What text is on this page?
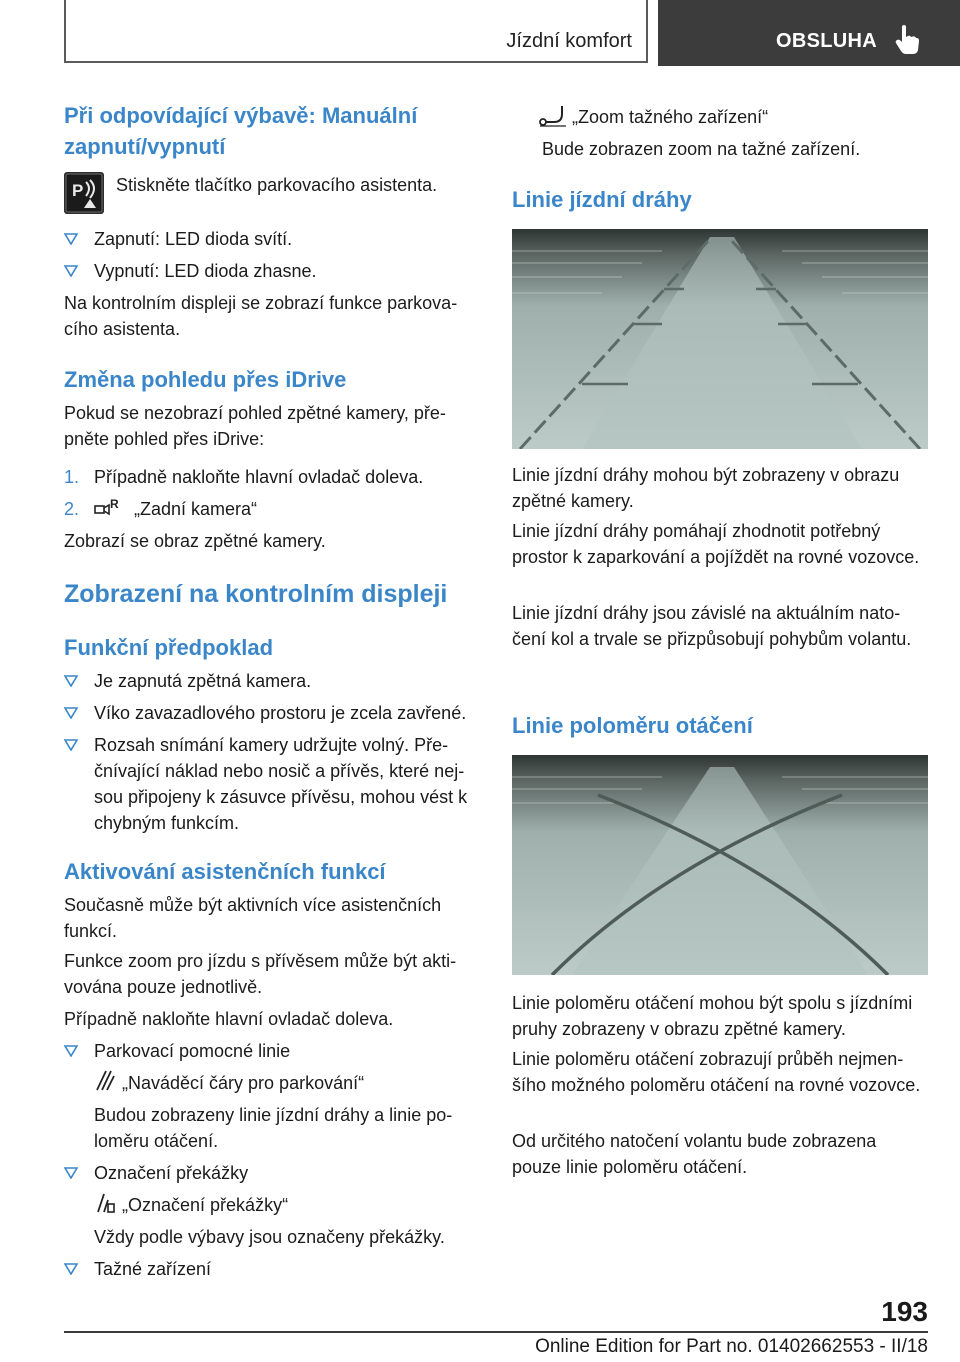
Jízdní komfort	OBSLUHA
Při odpovídající výbavě: Manuální zapnutí/vypnutí
P Stiskněte tlačítko parkovacího asistenta.

Zapnutí: LED dioda svítí.
Vypnutí: LED dioda zhasne.

Na kontrolním displeji se zobrazí funkce parkovacího asistenta.

Změna pohledu přes iDrive

Pokud se nezobrazí pohled zpětné kamery, přepněte pohled přes iDrive:

1. Případně nakloňte hlavní ovladač doleva.
2.	R „Zadní kamera“

Zobrazí se obraz zpětné kamery.

Zobrazení na kontrolním displeji
Funkční předpoklad
Je zapnutá zpětná kamera.
Víko zavazadlového prostoru je zcela zavřené.
Rozsah snímání kamery udržujte volný. Přečnívající náklad nebo nosič a přívěs, které nejsou připojeny k zásuvce přívěsu, mohou vést k chybným funkcím.
Aktivování asistenčních funkcí

Současně může být aktivních více asistenčních funkcí.

Funkce zoom pro jízdu s přívěsem může být aktivována pouze jednotlivě.

Případně nakloňte hlavní ovladač doleva.

Parkovací pomocné linie

„Naváděcí čáry pro parkování“

Budou zobrazeny linie jízdní dráhy a linie poloměru otáčení.

Označení překážky

„Označení překážky“

Vždy podle výbavy jsou označeny překážky.

Tažné zařízení

„Zoom tažného zařízení“

Bude zobrazen zoom na tažné zařízení.

Linie jízdní dráhy

Linie jízdní dráhy mohou být zobrazeny v obrazu zpětné kamery.

Linie jízdní dráhy pomáhají zhodnotit potřebný prostor k zaparkování a pojíždět na rovné vozovce.

Linie jízdní dráhy jsou závislé na aktuálním natočení kol a trvale se přizpůsobují pohybům volantu.

Linie poloměru otáčení

Linie poloměru otáčení mohou být spolu s jízdními pruhy zobrazeny v obrazu zpětné kamery.

Linie poloměru otáčení zobrazují průběh nejmenšího možného poloměru otáčení na rovné vozovce.

Od určitého natočení volantu bude zobrazena pouze linie poloměru otáčení.

193
Online Edition for Part no. 01402662553 - II/18
